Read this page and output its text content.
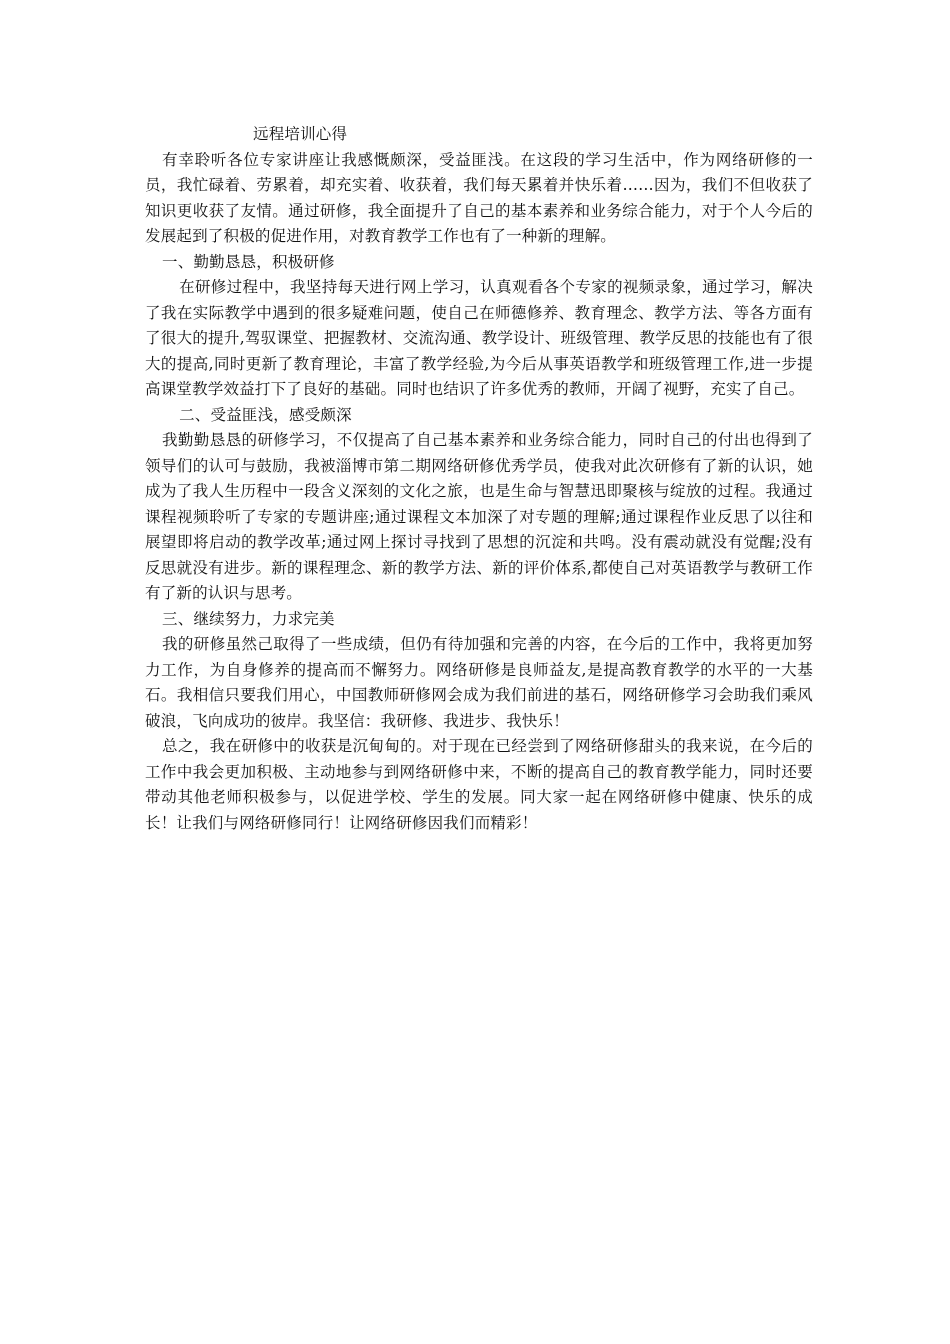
远程培训心得

有幸聆听各位专家讲座让我感慨颇深，受益匪浅。在这段的学习生活中，作为网络研修的一员，我忙碌着、劳累着，却充实着、收获着，我们每天累着并快乐着……因为，我们不但收获了知识更收获了友情。通过研修，我全面提升了自己的基本素养和业务综合能力，对于个人今后的发展起到了积极的促进作用，对教育教学工作也有了一种新的理解。

一、勤勤恳恳，积极研修

在研修过程中，我坚持每天进行网上学习，认真观看各个专家的视频录象，通过学习，解决了我在实际教学中遇到的很多疑难问题，使自己在师德修养、教育理念、教学方法、等各方面有了很大的提升,驾驭课堂、把握教材、交流沟通、教学设计、班级管理、教学反思的技能也有了很大的提高,同时更新了教育理论，丰富了教学经验,为今后从事英语教学和班级管理工作,进一步提高课堂教学效益打下了良好的基础。同时也结识了许多优秀的教师，开阔了视野，充实了自己。

二、受益匪浅，感受颇深

我勤勤恳恳的研修学习，不仅提高了自己基本素养和业务综合能力，同时自己的付出也得到了领导们的认可与鼓励，我被淄博市第二期网络研修优秀学员，使我对此次研修有了新的认识，她成为了我人生历程中一段含义深刻的文化之旅，也是生命与智慧迅即聚核与绽放的过程。我通过课程视频聆听了专家的专题讲座;通过课程文本加深了对专题的理解;通过课程作业反思了以往和展望即将启动的教学改革;通过网上探讨寻找到了思想的沉淀和共鸣。没有震动就没有觉醒;没有反思就没有进步。新的课程理念、新的教学方法、新的评价体系,都使自己对英语教学与教研工作有了新的认识与思考。

三、继续努力，力求完美

我的研修虽然己取得了一些成绩，但仍有待加强和完善的内容，在今后的工作中，我将更加努力工作，为自身修养的提高而不懈努力。网络研修是良师益友,是提高教育教学的水平的一大基石。我相信只要我们用心，中国教师研修网会成为我们前进的基石，网络研修学习会助我们乘风破浪，飞向成功的彼岸。我坚信：我研修、我进步、我快乐！

总之，我在研修中的收获是沉甸甸的。对于现在已经尝到了网络研修甜头的我来说，在今后的工作中我会更加积极、主动地参与到网络研修中来，不断的提高自己的教育教学能力，同时还要带动其他老师积极参与，以促进学校、学生的发展。同大家一起在网络研修中健康、快乐的成长！让我们与网络研修同行！让网络研修因我们而精彩！
